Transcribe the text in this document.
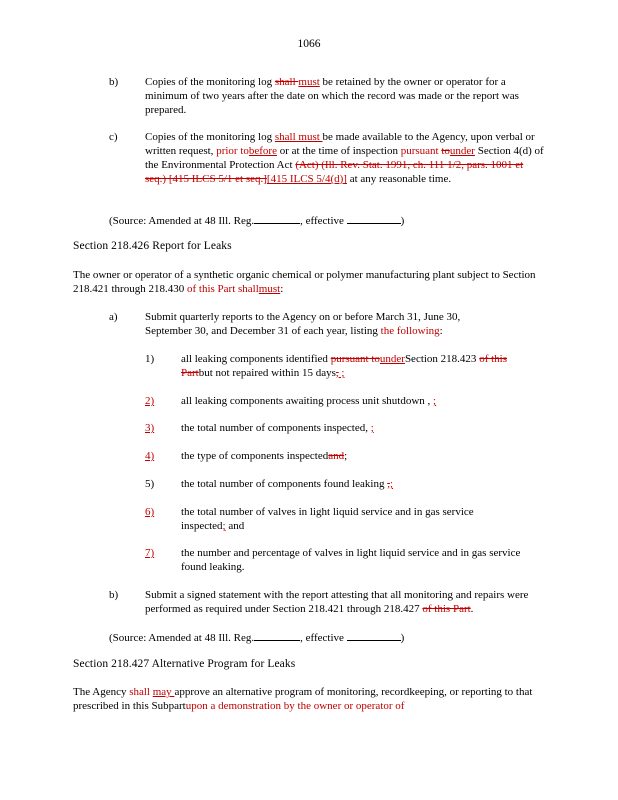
1066
b) Copies of the monitoring log shall must be retained by the owner or operator for a minimum of two years after the date on which the record was made or the report was prepared.
c) Copies of the monitoring log shall must be made available to the Agency, upon verbal or written request, prior tobefore or at the time of inspection pursuant tounder Section 4(d) of the Environmental Protection Act (Act) (Ill. Rev. Stat. 1991, ch. 111 1/2, pars. 1001 et seq.) [415 ILCS 5/1 et seq.][415 ILCS 5/4(d)] at any reasonable time.
(Source: Amended at 48 Ill. Reg.	, effective	)
Section 218.426 Report for Leaks
The owner or operator of a synthetic organic chemical or polymer manufacturing plant subject to Section 218.421 through 218.430 of this Part shallmust:
a) Submit quarterly reports to the Agency on or before March 31, June 30, September 30, and December 31 of each year, listing the following:
1) all leaking components identified pursuant tounderSection 218.423 of this Partbut not repaired within 15 days, ;
2)	all leaking components awaiting process unit shutdown , ;
3)	the total number of components inspected, ;
4)	the type of components inspectedand;
5) the total number of components found leaking ,;
6)	the total number of valves in light liquid service and in gas service inspected; and
7)	the number and percentage of valves in light liquid service and in gas service found leaking.
b) Submit a signed statement with the report attesting that all monitoring and repairs were performed as required under Section 218.421 through 218.427 of this Part.
(Source: Amended at 48 Ill. Reg.	, effective	)
Section 218.427 Alternative Program for Leaks
The Agency shall may approve an alternative program of monitoring, recordkeeping, or reporting to that prescribed in this Subpartupon a demonstration by the owner or operator of
